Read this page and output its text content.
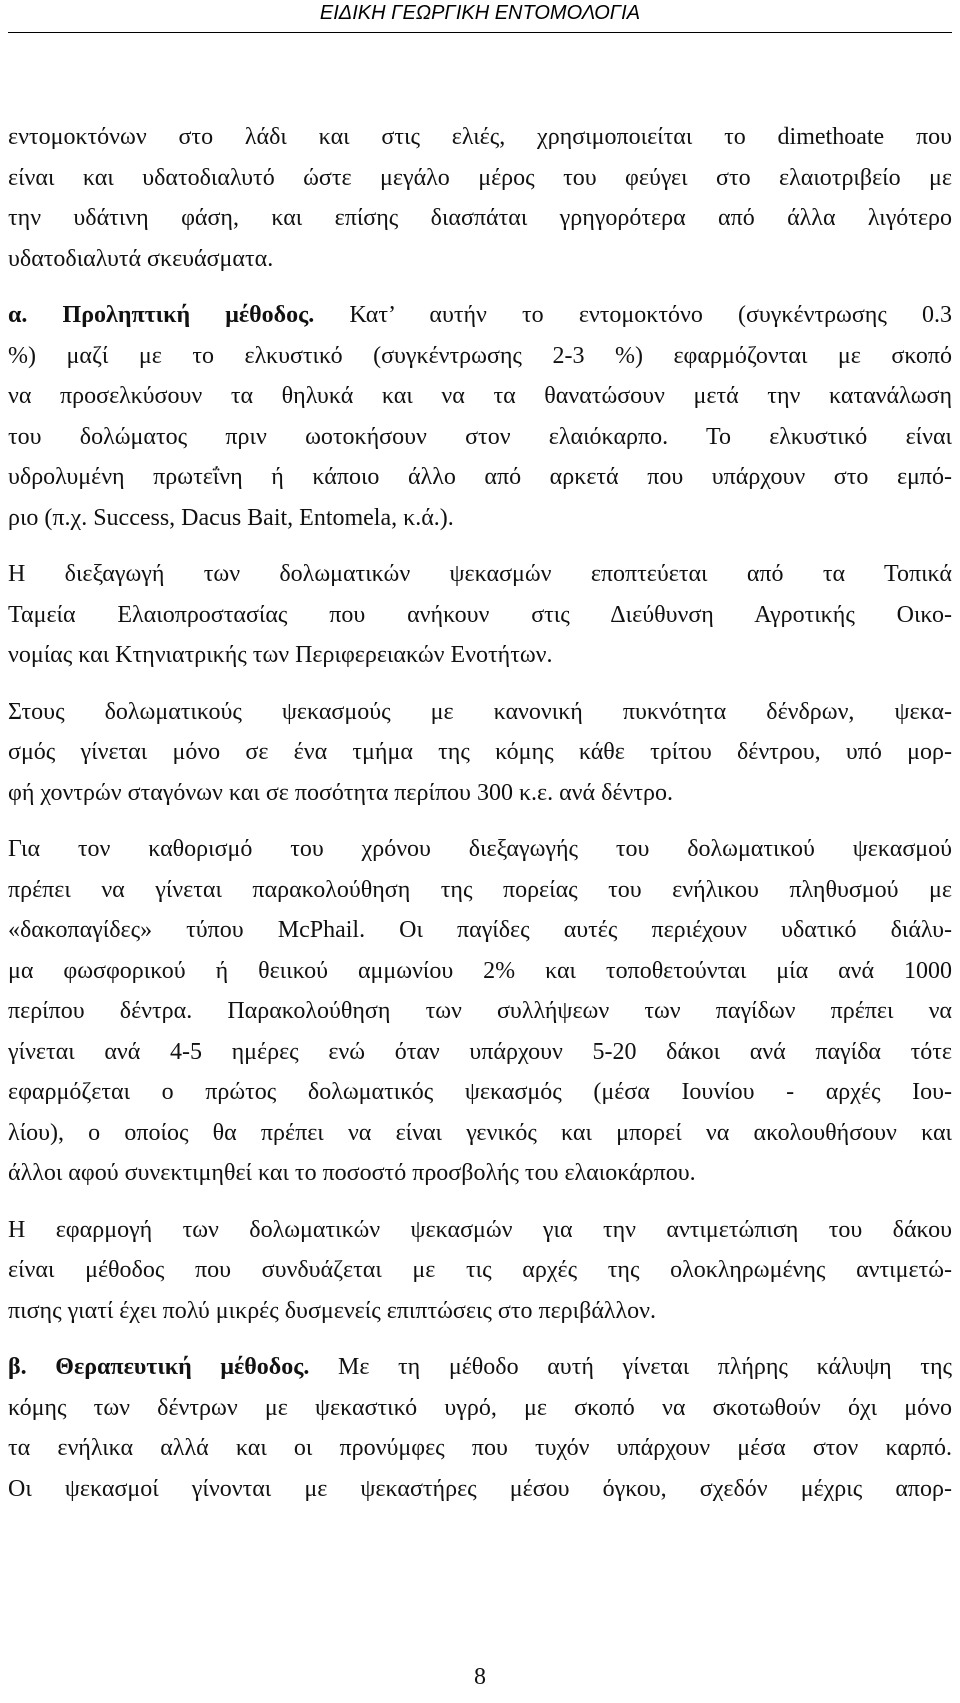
ΕΙΔΙΚΗ ΓΕΩΡΓΙΚΗ ΕΝΤΟΜΟΛΟΓΙΑ

εντομοκτόνων στο λάδι και στις ελιές, χρησιμοποιείται το dimethoate που
είναι και υδατοδιαλυτό ώστε μεγάλο μέρος του φεύγει στο ελαιοτριβείο με
την υδάτινη φάση, και επίσης διασπάται γρηγορότερα από άλλα λιγότερο
υδατοδιαλυτά σκευάσματα.

α. Προληπτική μέθοδος. Κατ’ αυτήν το εντομοκτόνο (συγκέντρωσης 0.3
%) μαζί με το ελκυστικό (συγκέντρωσης 2-3 %) εφαρμόζονται με σκοπό
να προσελκύσουν τα θηλυκά και να τα θανατώσουν μετά την κατανάλωση
του δολώματος πριν ωοτοκήσουν στον ελαιόκαρπο. Το ελκυστικό είναι
υδρολυμένη πρωτεΐνη ή κάποιο άλλο από αρκετά που υπάρχουν στο εμπό-
ριο (π.χ. Success, Dacus Bait, Entomela, κ.ά.).

Η διεξαγωγή των δολωματικών ψεκασμών εποπτεύεται από τα Τοπικά
Ταμεία Ελαιοπροστασίας που ανήκουν στις Διεύθυνση Αγροτικής Οικο-
νομίας και Κτηνιατρικής των Περιφερειακών Ενοτήτων.

Στους δολωματικούς ψεκασμούς με κανονική πυκνότητα δένδρων, ψεκα-
σμός γίνεται μόνο σε ένα τμήμα της κόμης κάθε τρίτου δέντρου, υπό μορ-
φή χοντρών σταγόνων και σε ποσότητα περίπου 300 κ.ε. ανά δέντρο.

Για τον καθορισμό του χρόνου διεξαγωγής του δολωματικού ψεκασμού
πρέπει να γίνεται παρακολούθηση της πορείας του ενήλικου πληθυσμού με
«δακοπαγίδες» τύπου McPhail. Οι παγίδες αυτές περιέχουν υδατικό διάλυ-
μα φωσφορικού ή θειικού αμμωνίου 2% και τοποθετούνται μία ανά 1000
περίπου δέντρα. Παρακολούθηση των συλλήψεων των παγίδων πρέπει να
γίνεται ανά 4-5 ημέρες ενώ όταν υπάρχουν 5-20 δάκοι ανά παγίδα τότε
εφαρμόζεται ο πρώτος δολωματικός ψεκασμός (μέσα Ιουνίου - αρχές Ιου-
λίου), ο οποίος θα πρέπει να είναι γενικός και μπορεί να ακολουθήσουν και
άλλοι αφού συνεκτιμηθεί και το ποσοστό προσβολής του ελαιοκάρπου.

Η εφαρμογή των δολωματικών ψεκασμών για την αντιμετώπιση του δάκου
είναι μέθοδος που συνδυάζεται με τις αρχές της ολοκληρωμένης αντιμετώ-
πισης γιατί έχει πολύ μικρές δυσμενείς επιπτώσεις στο περιβάλλον.

β. Θεραπευτική μέθοδος. Με τη μέθοδο αυτή γίνεται πλήρης κάλυψη της
κόμης των δέντρων με ψεκαστικό υγρό, με σκοπό να σκοτωθούν όχι μόνο
τα ενήλικα αλλά και οι προνύμφες που τυχόν υπάρχουν μέσα στον καρπό.
Οι ψεκασμοί γίνονται με ψεκαστήρες μέσου όγκου, σχεδόν μέχρις απορ-

8
